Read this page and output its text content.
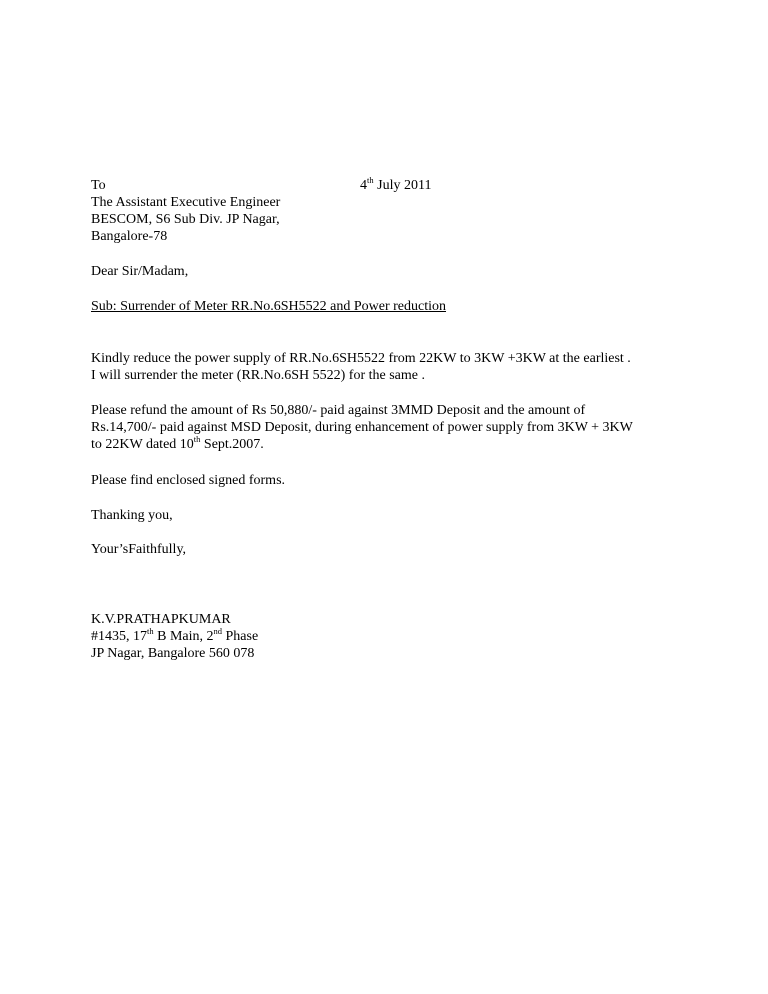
To

The Assistant Executive Engineer

BESCOM, S6 Sub Div. JP Nagar,

Bangalore-78

4th July 2011

Dear Sir/Madam,

Sub: Surrender of Meter RR.No.6SH5522 and Power reduction

Kindly reduce the power supply of RR.No.6SH5522 from 22KW to 3KW +3KW at the earliest .

I will surrender the meter (RR.No.6SH 5522) for the same .

Please refund the amount of Rs 50,880/- paid against 3MMD Deposit and the amount of

Rs.14,700/- paid against MSD Deposit, during enhancement of power supply from 3KW + 3KW

to 22KW dated 10th Sept.2007.

Please find enclosed signed forms.

Thanking you,

Your’sFaithfully,

K.V.PRATHAPKUMAR

#1435, 17th B Main, 2nd Phase

JP Nagar, Bangalore 560 078
